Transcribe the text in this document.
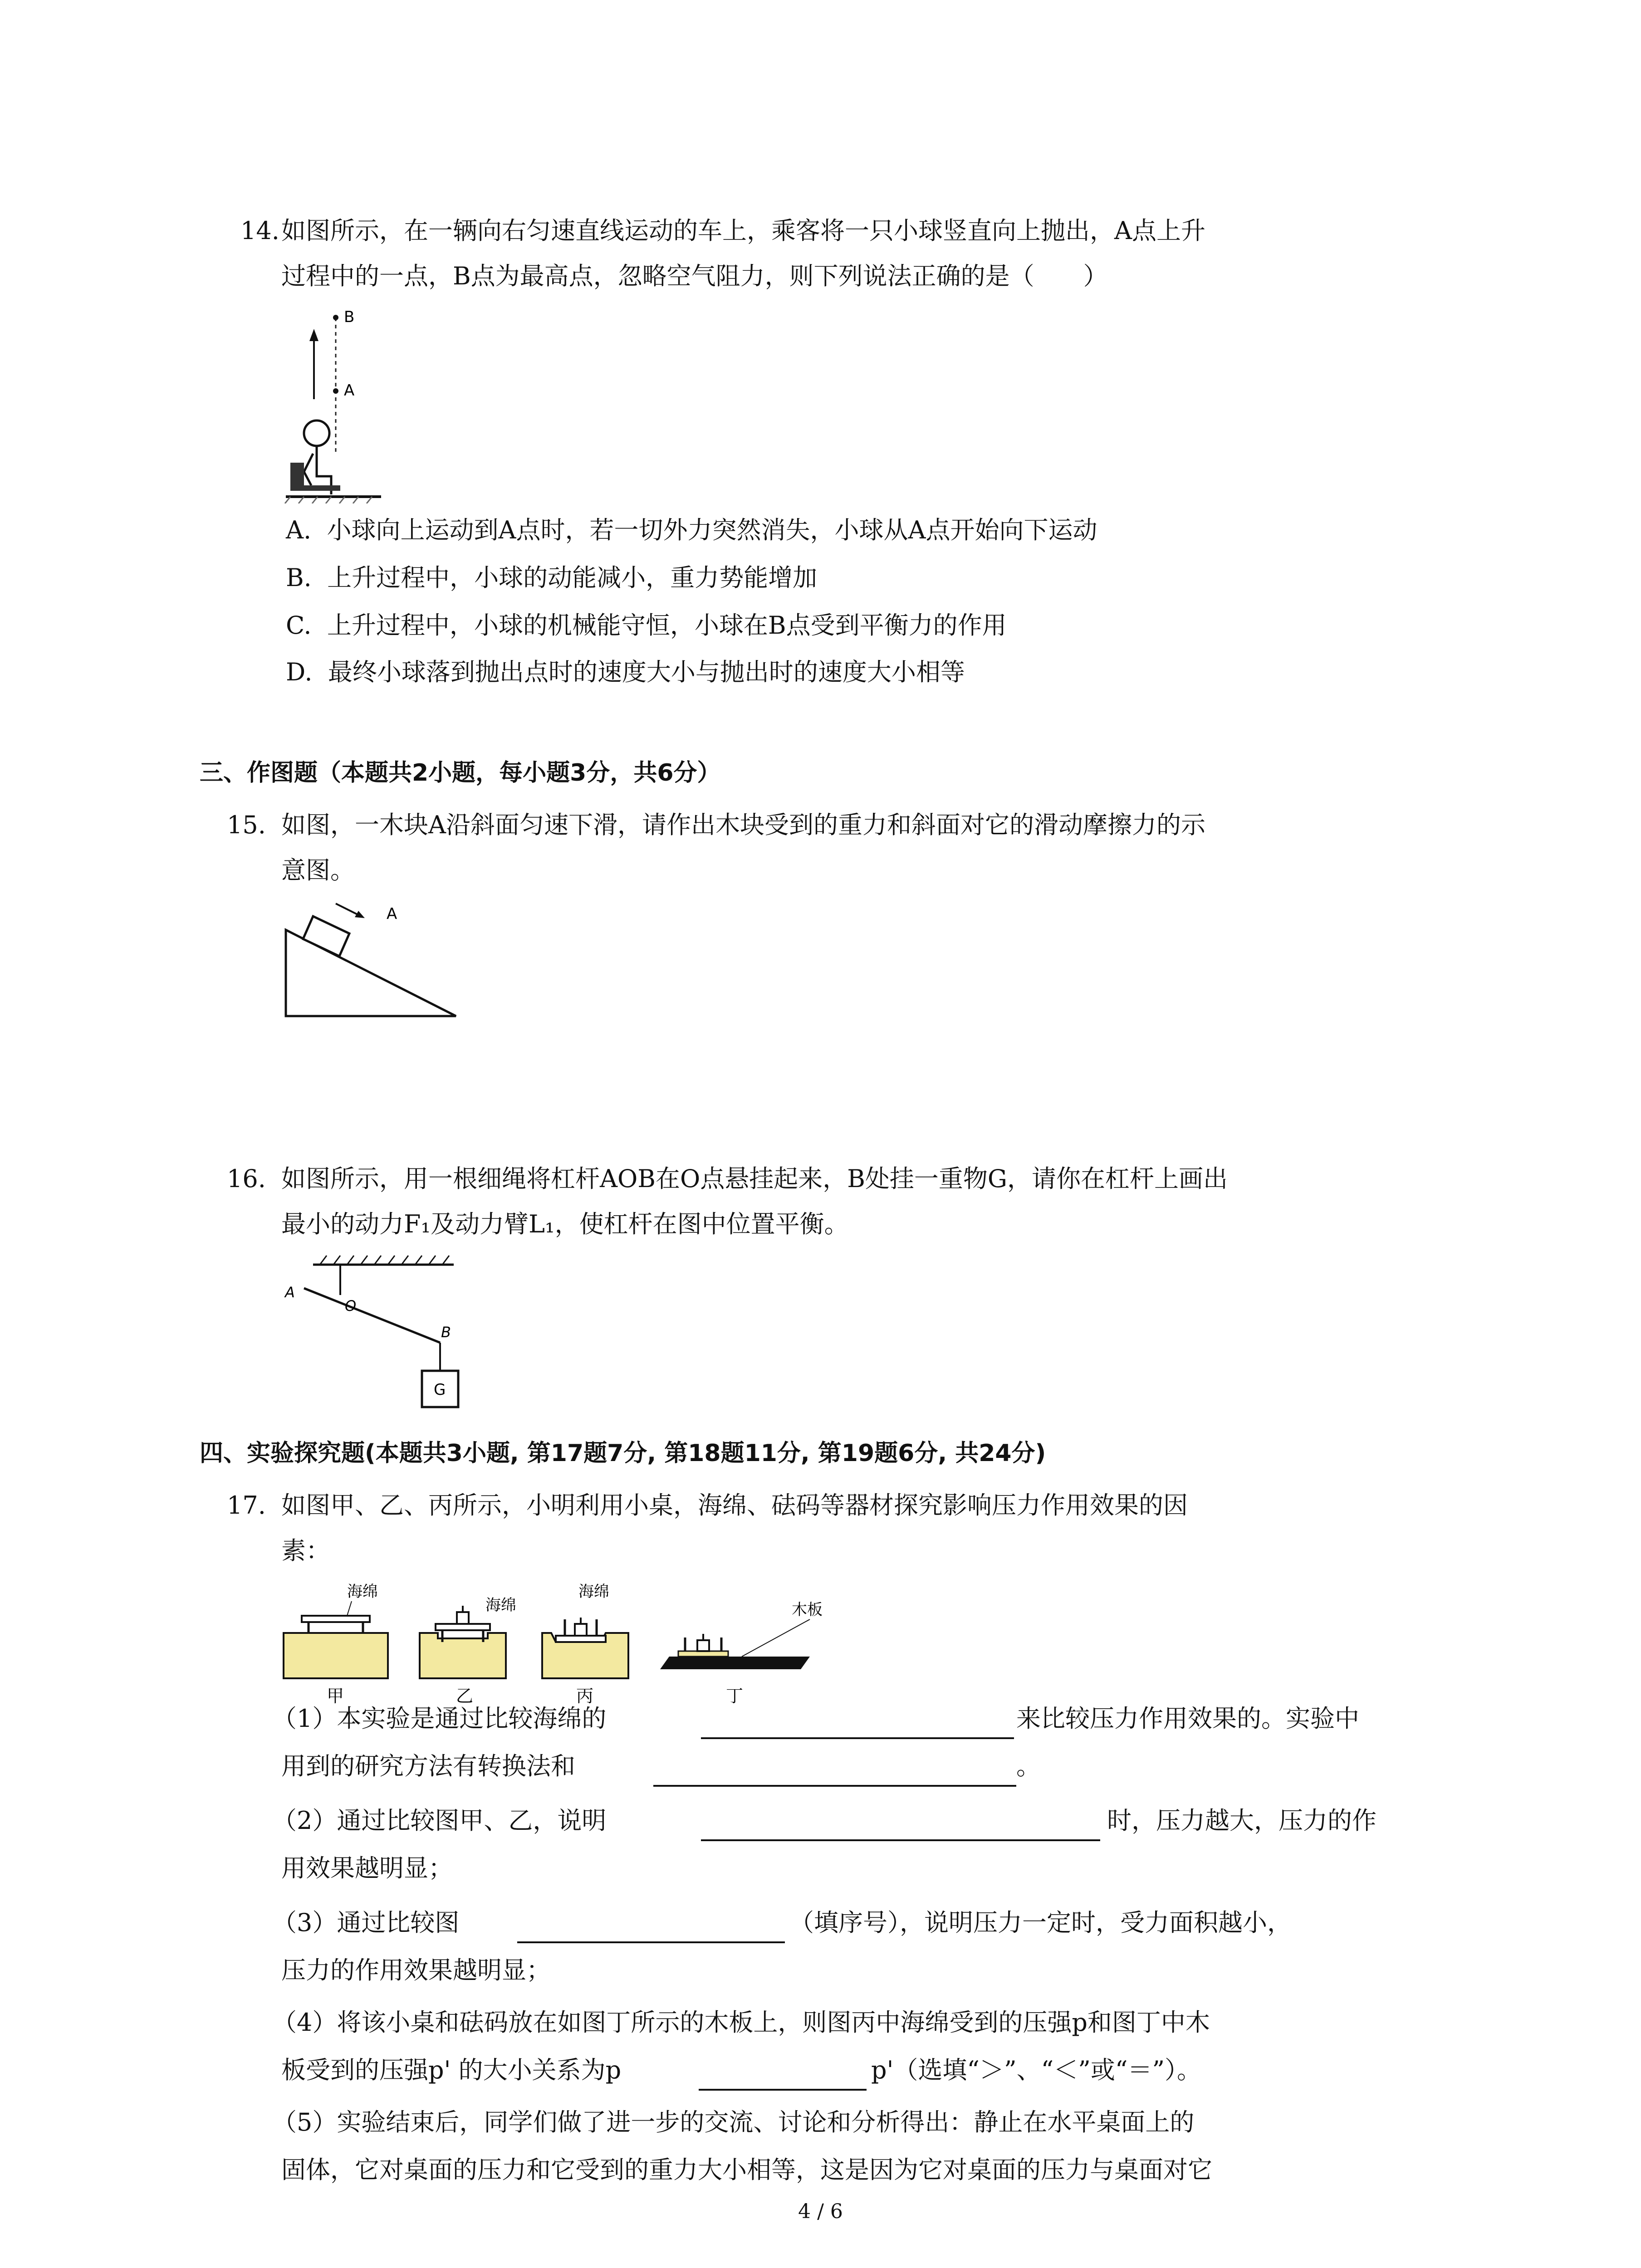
14. 如图所示，在一辆向右匀速直线运动的车上，乘客将一只小球竖直向上抛出，A点上升
过程中的一点，B点为最高点，忽略空气阻力，则下列说法正确的是（　　）
B
A
A.  小球向上运动到A点时，若一切外力突然消失，小球从A点开始向下运动
B.  上升过程中，小球的动能减小，重力势能增加
C.  上升过程中，小球的机械能守恒，小球在B点受到平衡力的作用
D.  最终小球落到抛出点时的速度大小与抛出时的速度大小相等
三、作图题（本题共2小题，每小题3分，共6分）
15. 如图，一木块A沿斜面匀速下滑，请作出木块受到的重力和斜面对它的滑动摩擦力的示
意图。
A
16. 如图所示，用一根细绳将杠杆AOB在O点悬挂起来，B处挂一重物G，请你在杠杆上画出
最小的动力F₁及动力臂L₁，使杠杆在图中位置平衡。
A
O
B
G
四、实验探究题(本题共3小题, 第17题7分, 第18题11分, 第19题6分, 共24分)
17. 如图甲、乙、丙所示，小明利用小桌，海绵、砝码等器材探究影响压力作用效果的因
素：
海绵
甲
海绵
乙
海绵
丙
木板
丁
（1）本实验是通过比较海绵的	来比较压力作用效果的。实验中
用到的研究方法有转换法和	。
（2）通过比较图甲、乙，说明	时，压力越大，压力的作
用效果越明显；
（3）通过比较图	（填序号），说明压力一定时，受力面积越小，
压力的作用效果越明显；
（4）将该小桌和砝码放在如图丁所示的木板上，则图丙中海绵受到的压强p和图丁中木
板受到的压强p' 的大小关系为p	p'（选填“＞”、“＜”或“＝”）。
（5）实验结束后，同学们做了进一步的交流、讨论和分析得出：静止在水平桌面上的
固体，它对桌面的压力和它受到的重力大小相等，这是因为它对桌面的压力与桌面对它
4 / 6
